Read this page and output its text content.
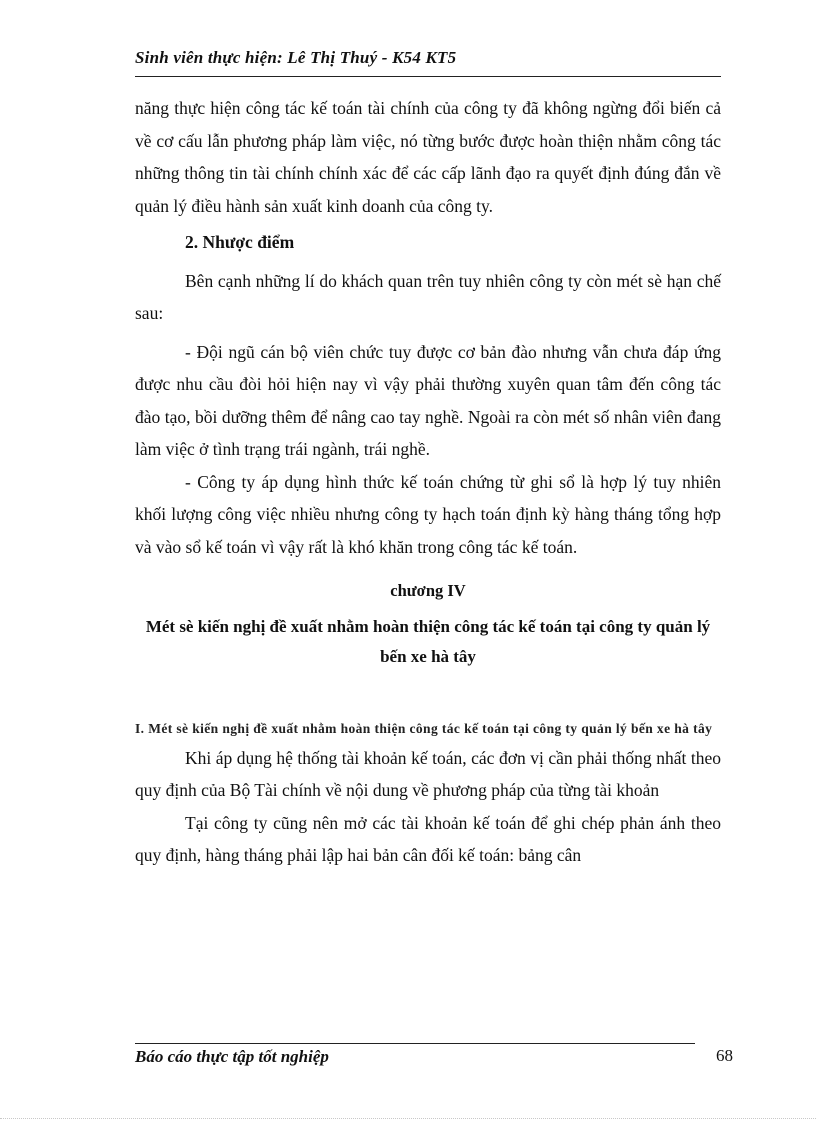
Sinh viên thực hiện: Lê Thị Thuý - K54 KT5

năng thực hiện công tác kế toán tài chính của công ty đã không ngừng đổi biến cả về cơ cấu lẫn phương pháp làm việc, nó từng bước được hoàn thiện nhằm công tác những thông tin tài chính chính xác để các cấp lãnh đạo ra quyết định đúng đắn về quản lý điều hành sản xuất kinh doanh của công ty.

2. Nhược điểm

Bên cạnh những lí do khách quan trên tuy nhiên công ty còn mét sè hạn chế sau:

- Đội ngũ cán bộ viên chức tuy được cơ bản đào nhưng vẫn chưa đáp ứng được nhu cầu đòi hỏi hiện nay vì vậy phải thường xuyên quan tâm đến công tác đào tạo, bồi dưỡng thêm để nâng cao tay nghề. Ngoài ra còn mét số nhân viên đang làm việc ở tình trạng trái ngành, trái nghề.

- Công ty áp dụng hình thức kế toán chứng từ ghi sổ là hợp lý tuy nhiên khối lượng công việc nhiều nhưng công ty hạch toán định kỳ hàng tháng tổng hợp và vào sổ kế toán vì vậy rất là khó khăn trong công tác kế toán.

chương IV

Mét sè kiến nghị đề xuất nhằm hoàn thiện công tác kế toán tại công ty quản lý bến xe hà tây

I. Mét sè kiến nghị đề xuất nhằm hoàn thiện công tác kế toán tại công ty quản lý bến xe hà tây

Khi áp dụng hệ thống tài khoản kế toán, các đơn vị cần phải thống nhất theo quy định của Bộ Tài chính về nội dung về phương pháp của từng tài khoản

Tại công ty cũng nên mở các tài khoản kế toán để ghi chép phản ánh theo quy định, hàng tháng phải lập hai bản cân đối kế toán: bảng cân

Báo cáo thực tập tốt nghiệp	68
